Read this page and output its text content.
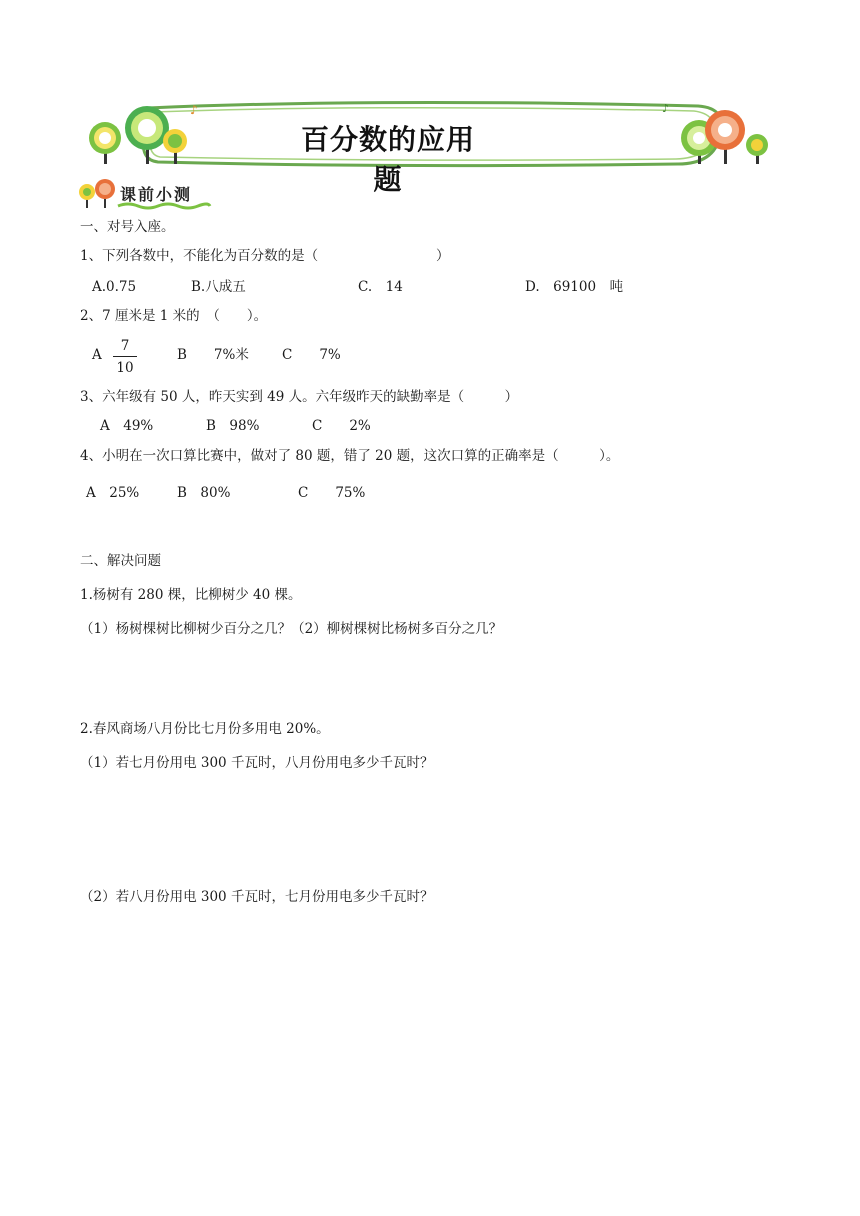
♪	♪
百分数的应用题
课前小测
一、对号入座。
1、下列各数中，不能化为百分数的是（	）
A.0.75	B.八成五	C.　14	D.　69100　吨
2、7 厘米是 1 米的　（　　）。
A
7
10
B　　7%米 C　　7%
3、六年级有 50 人，昨天实到 49 人。六年级昨天的缺勤率是（　　　）
A　49%	B　98%	C　　2%
4、小明在一次口算比赛中，做对了 80 题，错了 20 题，这次口算的正确率是（　　　）。
A　25%	B　80%	C　　75%
二、解决问题
1.杨树有 280 棵，比柳树少 40 棵。
（1）杨树棵树比柳树少百分之几？（2）柳树棵树比杨树多百分之几？
2.春风商场八月份比七月份多用电 20%。
（1）若七月份用电 300 千瓦时，八月份用电多少千瓦时？
（2）若八月份用电 300 千瓦时，七月份用电多少千瓦时？
